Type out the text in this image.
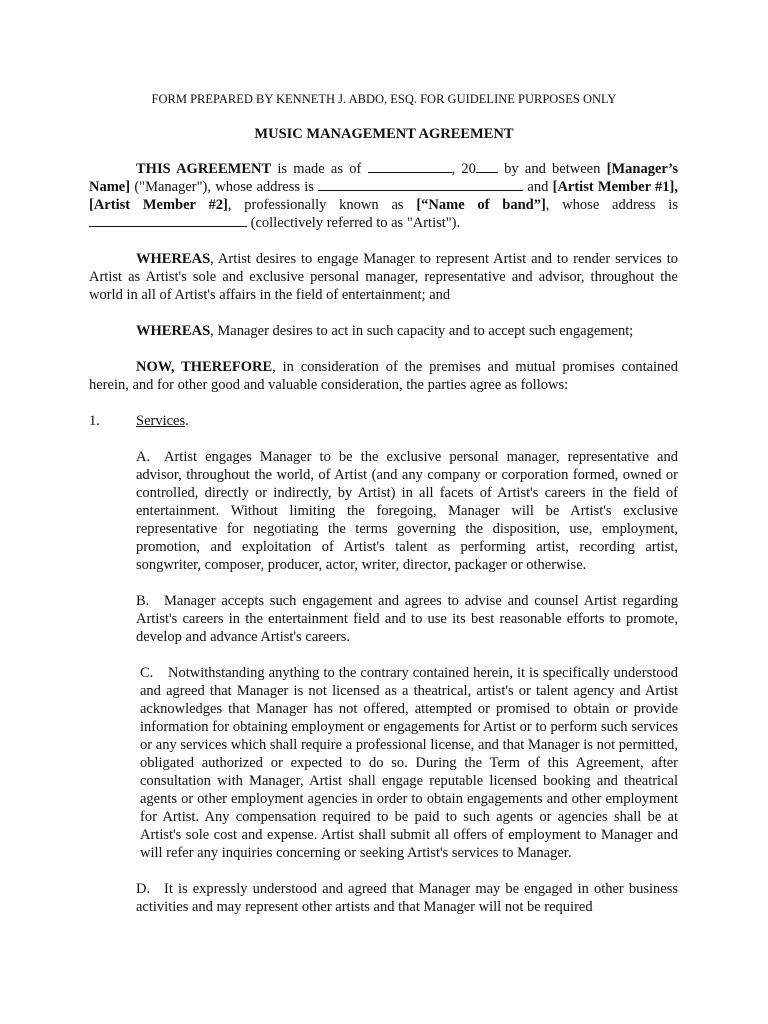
FORM PREPARED BY KENNETH J. ABDO, ESQ. FOR GUIDELINE PURPOSES ONLY
MUSIC MANAGEMENT AGREEMENT

THIS AGREEMENT is made as of	, 20 by and between [Manager’s Name] ("Manager"), whose address is	and [Artist Member #1], [Artist Member #2], professionally known as [“Name of band”], whose address is  (collectively referred to as "Artist").

WHEREAS, Artist desires to engage Manager to represent Artist and to render services to Artist as Artist's sole and exclusive personal manager, representative and advisor, throughout the world in all of Artist's affairs in the field of entertainment; and

WHEREAS, Manager desires to act in such capacity and to accept such engagement;

NOW, THEREFORE, in consideration of the premises and mutual promises contained herein, and for other good and valuable consideration, the parties agree as follows:

1.	Services.

A. Artist engages Manager to be the exclusive personal manager, representative and advisor, throughout the world, of Artist (and any company or corporation formed, owned or controlled, directly or indirectly, by Artist) in all facets of Artist's careers in the field of entertainment. Without limiting the foregoing, Manager will be Artist's exclusive representative for negotiating the terms governing the disposition, use, employment, promotion, and exploitation of Artist's talent as performing artist, recording artist, songwriter, composer, producer, actor, writer, director, packager or otherwise.

B. Manager accepts such engagement and agrees to advise and counsel Artist regarding Artist's careers in the entertainment field and to use its best reasonable efforts to promote, develop and advance Artist's careers.

C. Notwithstanding anything to the contrary contained herein, it is specifically understood and agreed that Manager is not licensed as a theatrical, artist's or talent agency and Artist acknowledges that Manager has not offered, attempted or promised to obtain or provide information for obtaining employment or engagements for Artist or to perform such services or any services which shall require a professional license, and that Manager is not permitted, obligated authorized or expected to do so. During the Term of this Agreement, after consultation with Manager, Artist shall engage reputable licensed booking and theatrical agents or other employment agencies in order to obtain engagements and other employment for Artist. Any compensation required to be paid to such agents or agencies shall be at Artist's sole cost and expense. Artist shall submit all offers of employment to Manager and will refer any inquiries concerning or seeking Artist's services to Manager.

D. It is expressly understood and agreed that Manager may be engaged in other business activities and may represent other artists and that Manager will not be required
